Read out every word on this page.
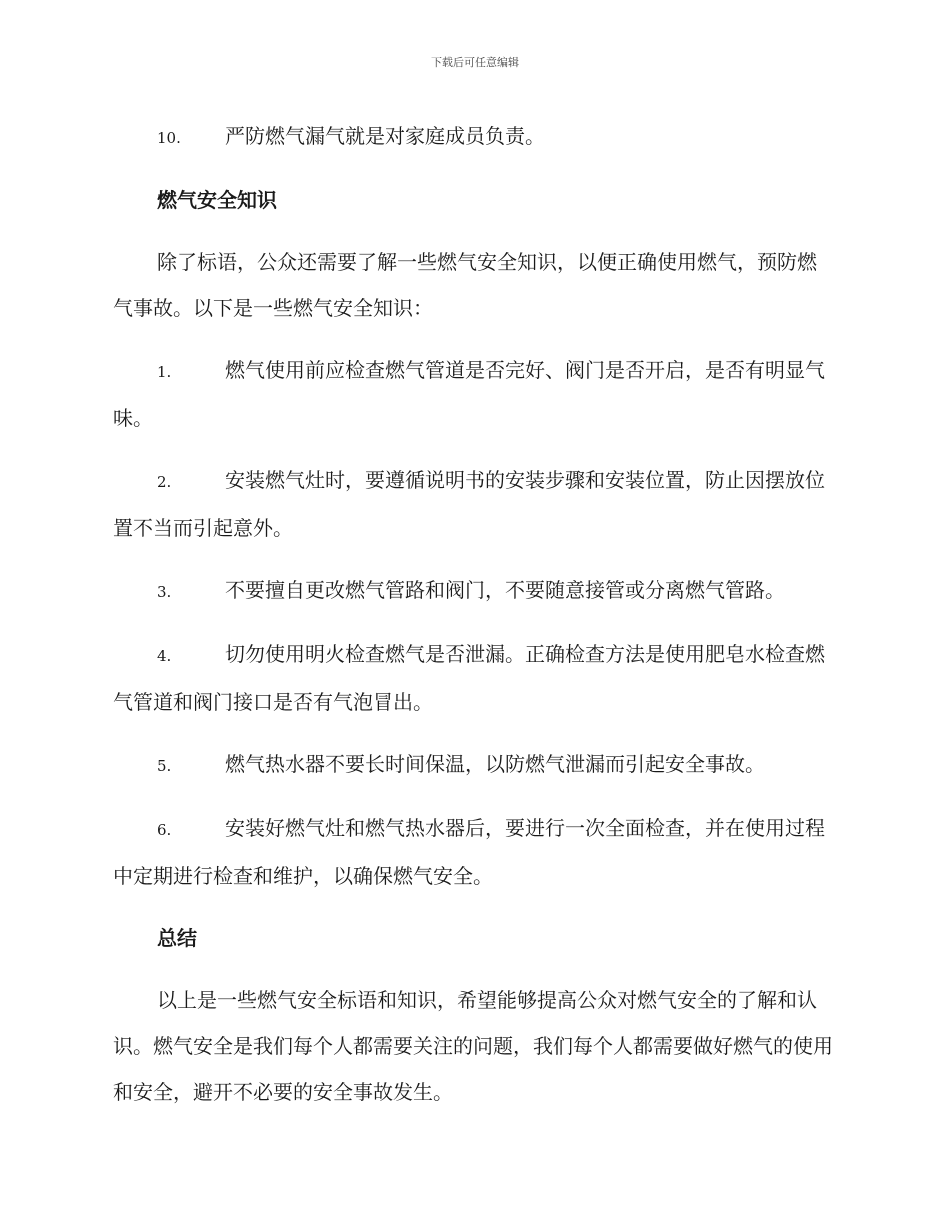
下载后可任意编辑

10. 严防燃气漏气就是对家庭成员负责。

燃气安全知识

除了标语，公众还需要了解一些燃气安全知识，以便正确使用燃气，预防燃气事故。以下是一些燃气安全知识：

1.	燃气使用前应检查燃气管道是否完好、阀门是否开启，是否有明显气味。

2.	安装燃气灶时，要遵循说明书的安装步骤和安装位置，防止因摆放位置不当而引起意外。

3.	不要擅自更改燃气管路和阀门，不要随意接管或分离燃气管路。

4.	切勿使用明火检查燃气是否泄漏。正确检查方法是使用肥皂水检查燃气管道和阀门接口是否有气泡冒出。

5.	燃气热水器不要长时间保温，以防燃气泄漏而引起安全事故。

6.	安装好燃气灶和燃气热水器后，要进行一次全面检查，并在使用过程中定期进行检查和维护，以确保燃气安全。

总结

以上是一些燃气安全标语和知识，希望能够提高公众对燃气安全的了解和认识。燃气安全是我们每个人都需要关注的问题，我们每个人都需要做好燃气的使用和安全，避开不必要的安全事故发生。
